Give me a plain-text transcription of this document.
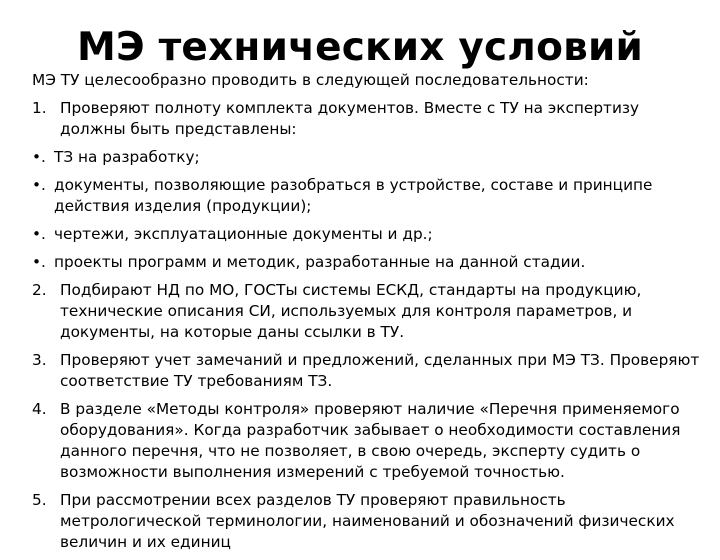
МЭ технических условий
МЭ ТУ целесообразно проводить в следующей последовательности:
1. Проверяют полноту комплекта документов. Вместе с ТУ на экспертизу должны быть представлены:
•. ТЗ на разработку;
•. документы, позволяющие разобраться в устройстве, составе и принципе действия изделия (продукции);
•. чертежи, эксплуатационные документы и др.;
•. проекты программ и методик, разработанные на данной стадии.
2. Подбирают НД по МО, ГОСТы системы ЕСКД, стандарты на продукцию, технические описания СИ, используемых для контроля параметров, и документы, на которые даны ссылки в ТУ.
3. Проверяют учет замечаний и предложений, сделанных при МЭ ТЗ. Проверяют соответствие ТУ требованиям ТЗ.
4. В разделе «Методы контроля» проверяют наличие «Перечня применяемого оборудования». Когда разработчик забывает о необходимости составления данного перечня, что не позволяет, в свою очередь, эксперту судить о возможности выполнения измерений с требуемой точностью.
5. При рассмотрении всех разделов ТУ проверяют правильность метрологической терминологии, наименований и обозначений физических величин и их единиц
